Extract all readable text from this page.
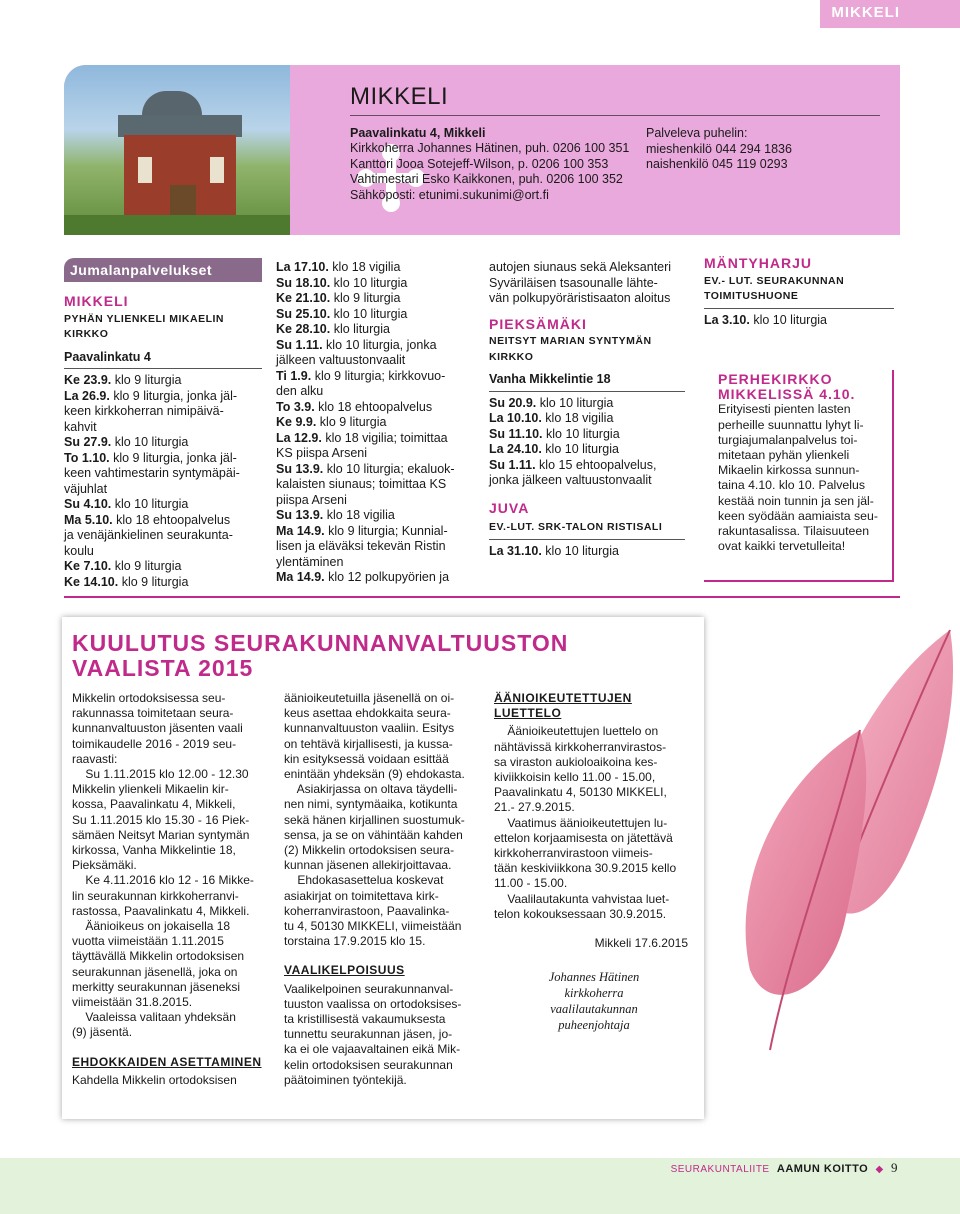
MIKKELI
MIKKELI
Paavalinkatu 4, Mikkeli
Kirkkoherra Johannes Hätinen, puh. 0206 100 351
Kanttori Jooa Sotejeff-Wilson, p. 0206 100 353
Vahtimestari Esko Kaikkonen, puh. 0206 100 352
Sähköposti: etunimi.sukunimi@ort.fi
Palveleva puhelin:
mieshenkilö 044 294 1836
naishenkilö 045 119 0293
Jumalanpalvelukset
MIKKELI
PYHÄN YLIENKELI MIKAELIN
KIRKKO
Paavalinkatu 4
Ke 23.9. klo 9 liturgia
La 26.9. klo 9 liturgia, jonka jäl-
keen kirkkoherran nimipäivä-
kahvit
Su 27.9. klo 10 liturgia
To 1.10. klo 9 liturgia, jonka jäl-
keen vahtimestarin syntymäpäi-
väjuhlat
Su 4.10. klo 10 liturgia
Ma 5.10. klo 18 ehtoopalvelus
ja venäjänkielinen seurakunta-
koulu
Ke 7.10. klo 9 liturgia
Ke 14.10. klo 9 liturgia
La 17.10. klo 18 vigilia
Su 18.10. klo 10 liturgia
Ke 21.10. klo 9 liturgia
Su 25.10. klo 10 liturgia
Ke 28.10. klo liturgia
Su 1.11. klo 10 liturgia, jonka
jälkeen valtuustonvaalit
Ti 1.9. klo 9 liturgia; kirkkovuo-
den alku
To 3.9. klo 18 ehtoopalvelus
Ke 9.9. klo 9 liturgia
La 12.9. klo 18 vigilia; toimittaa
KS piispa Arseni
Su 13.9. klo 10 liturgia; ekaluok-
kalaisten siunaus; toimittaa KS
piispa Arseni
Su 13.9. klo 18 vigilia
Ma 14.9. klo 9 liturgia; Kunnial-
lisen ja eläväksi tekevän Ristin
ylentäminen
Ma 14.9. klo 12 polkupyörien ja
autojen siunaus sekä Aleksanteri
Syväriläisen tsasounalle lähte-
vän polkupyöräristisaaton aloitus
PIEKSÄMÄKI
NEITSYT MARIAN SYNTYMÄN
KIRKKO
Vanha Mikkelintie 18
Su 20.9. klo 10 liturgia
La 10.10. klo 18 vigilia
Su 11.10. klo 10 liturgia
La 24.10. klo 10 liturgia
Su 1.11. klo 15 ehtoopalvelus,
jonka jälkeen valtuustonvaalit
JUVA
EV.-LUT. SRK-TALON RISTISALI
La 31.10. klo 10 liturgia
MÄNTYHARJU
EV.- LUT. SEURAKUNNAN
TOIMITUSHUONE
La 3.10. klo 10 liturgia
PERHEKIRKKO
MIKKELISSÄ 4.10.
Erityisesti pienten lasten
perheille suunnattu lyhyt li-
turgiajumalanpalvelus toi-
mitetaan pyhän ylienkeli
Mikaelin kirkossa sunnun-
taina 4.10. klo 10. Palvelus
kestää noin tunnin ja sen jäl-
keen syödään aamiaista seu-
rakuntasalissa. Tilaisuuteen
ovat kaikki tervetulleita!
KUULUTUS SEURAKUNNANVALTUUSTON
VAALISTA 2015
Mikkelin ortodoksisessa seu-
rakunnassa toimitetaan seura-
kunnanvaltuuston jäsenten vaali
toimikaudelle 2016 - 2019 seu-
raavasti:
Su 1.11.2015 klo 12.00 - 12.30
Mikkelin ylienkeli Mikaelin kir-
kossa, Paavalinkatu 4, Mikkeli,
Su 1.11.2015 klo 15.30 - 16 Piek-
sämäen Neitsyt Marian syntymän
kirkossa, Vanha Mikkelintie 18,
Pieksämäki.
Ke 4.11.2016 klo 12 - 16 Mikke-
lin seurakunnan kirkkoherranvi-
rastossa, Paavalinkatu 4, Mikkeli.
Äänioikeus on jokaisella 18
vuotta viimeistään 1.11.2015
täyttävällä Mikkelin ortodoksisen
seurakunnan jäsenellä, joka on
merkitty seurakunnan jäseneksi
viimeistään 31.8.2015.
Vaaleissa valitaan yhdeksän
(9) jäsentä.
EHDOKKAIDEN ASETTAMINEN
Kahdella Mikkelin ortodoksisen
äänioikeutetuilla jäsenellä on oi-
keus asettaa ehdokkaita seura-
kunnanvaltuuston vaaliin. Esitys
on tehtävä kirjallisesti, ja kussa-
kin esityksessä voidaan esittää
enintään yhdeksän (9) ehdokasta.
Asiakirjassa on oltava täydelli-
nen nimi, syntymäaika, kotikunta
sekä hänen kirjallinen suostumuk-
sensa, ja se on vähintään kahden
(2) Mikkelin ortodoksisen seura-
kunnan jäsenen allekirjoittavaa.
Ehdokasasettelua koskevat
asiakirjat on toimitettava kirk-
koherranvirastoon, Paavalinka-
tu 4, 50130 MIKKELI, viimeistään
torstaina 17.9.2015 klo 15.
VAALIKELPOISUUS
Vaalikelpoinen seurakunnanval-
tuuston vaalissa on ortodoksises-
ta kristillisestä vakaumuksesta
tunnettu seurakunnan jäsen, jo-
ka ei ole vajaavaltainen eikä Mik-
kelin ortodoksisen seurakunnan
päätoiminen työntekijä.
ÄÄNIOIKEUTETTUJEN
LUETTELO
Äänioikeutettujen luettelo on
nähtävissä kirkkoherranvirastos-
sa viraston aukioloaikoina kes-
kiviikkoisin kello 11.00 - 15.00,
Paavalinkatu 4, 50130 MIKKELI,
21.- 27.9.2015.
Vaatimus äänioikeutettujen lu-
ettelon korjaamisesta on jätettävä
kirkkoherranvirastoon viimeis-
tään keskiviikkona 30.9.2015 kello
11.00 - 15.00.
Vaalilautakunta vahvistaa luet-
telon kokouksessaan 30.9.2015.
Mikkeli 17.6.2015
Johannes Hätinen
kirkkoherra
vaalilautakunnan
puheenjohtaja
SEURAKUNTALIITE AAMUN KOITTO ◆ 9
